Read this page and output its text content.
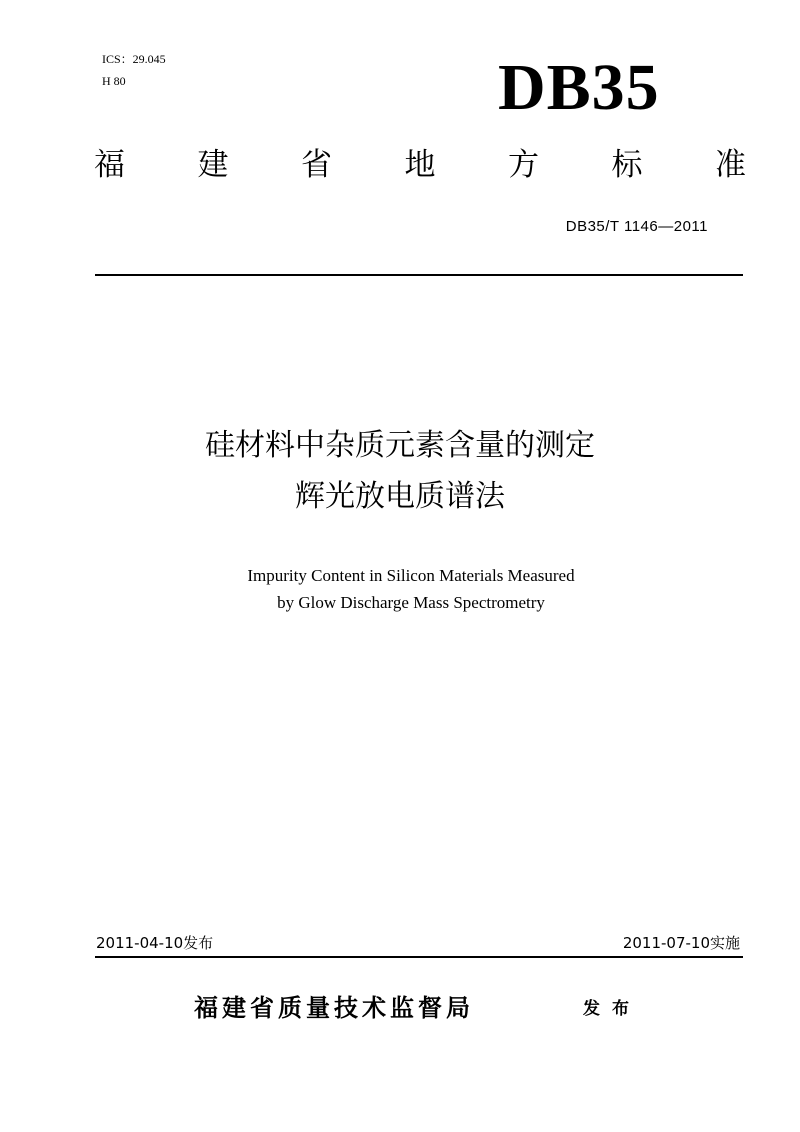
ICS：29.045
H 80	DB35
福 建 省 地 方 标 准
DB35/T 1146—2011
硅材料中杂质元素含量的测定
辉光放电质谱法
Impurity Content in Silicon Materials Measured
by Glow Discharge Mass Spectrometry
2011-04-10发布	2011-07-10实施
福建省质量技术监督局	发布
